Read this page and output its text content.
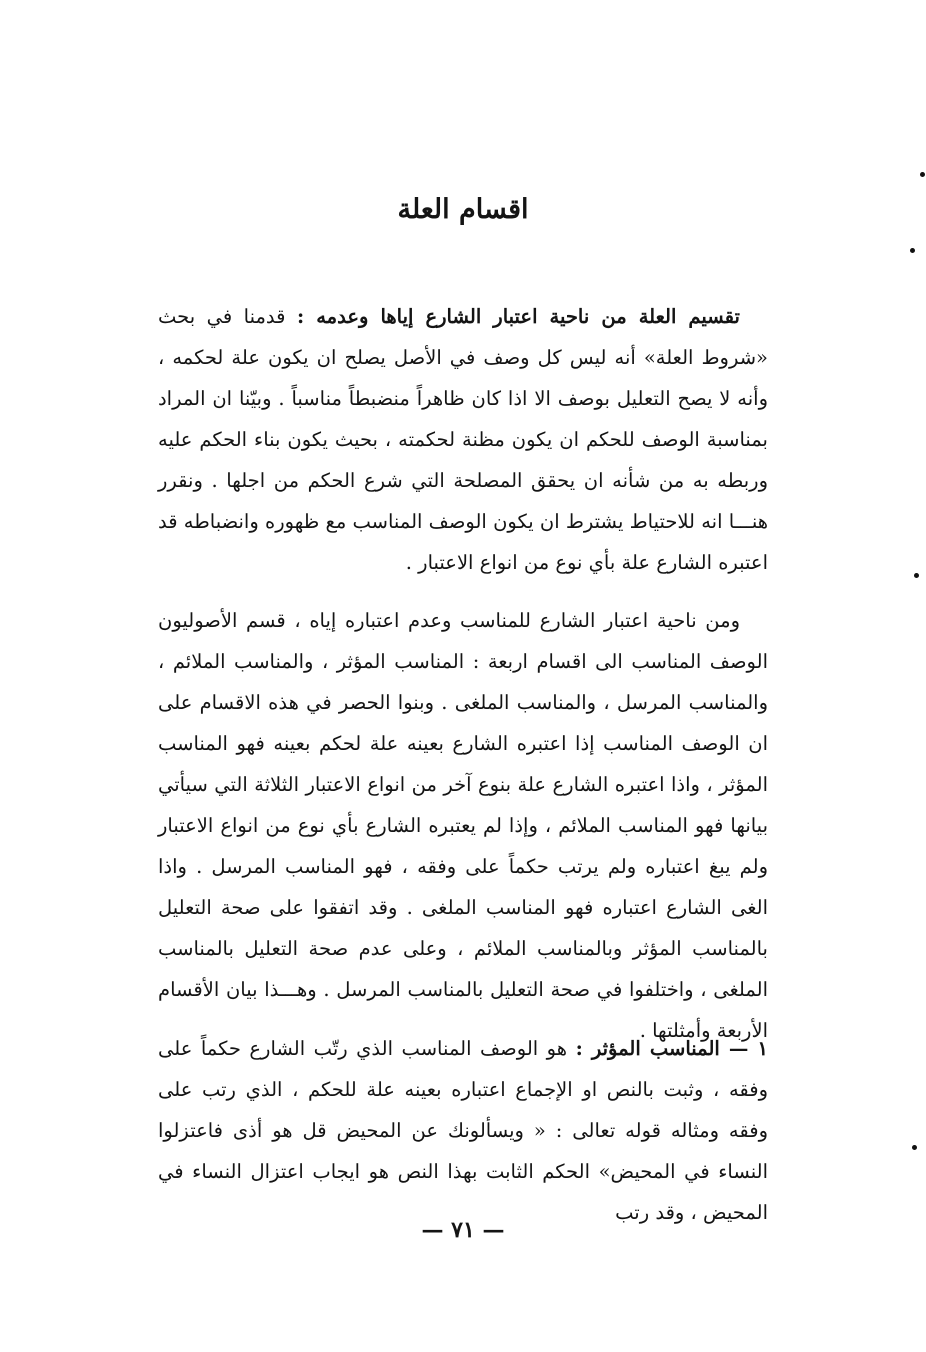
اقسام العلة

تقسيم العلة من ناحية اعتبار الشارع إياها وعدمه : قدمنا في بحث «شروط العلة» أنه ليس كل وصف في الأصل يصلح ان يكون علة لحكمه ، وأنه لا يصح التعليل بوصف الا اذا كان ظاهراً منضبطاً مناسباً . وبيّنا ان المراد بمناسبة الوصف للحكم ان يكون مظنة لحكمته ، بحيث يكون بناء الحكم عليه وربطه به من شأنه ان يحقق المصلحة التي شرع الحكم من اجلها . ونقرر هنـــا انه للاحتياط يشترط ان يكون الوصف المناسب مع ظهوره وانضباطه قد اعتبره الشارع علة بأي نوع من انواع الاعتبار .

ومن ناحية اعتبار الشارع للمناسب وعدم اعتباره إياه ، قسم الأصوليون الوصف المناسب الى اقسام اربعة : المناسب المؤثر ، والمناسب الملائم ، والمناسب المرسل ، والمناسب الملغى . وبنوا الحصر في هذه الاقسام على ان الوصف المناسب إذا اعتبره الشارع بعينه علة لحكم بعينه فهو المناسب المؤثر ، واذا اعتبره الشارع علة بنوع آخر من انواع الاعتبار الثلاثة التي سيأتي بيانها فهو المناسب الملائم ، وإذا لم يعتبره الشارع بأي نوع من انواع الاعتبار ولم يبغ اعتباره ولم يرتب حكماً على وفقه ، فهو المناسب المرسل . واذا الغى الشارع اعتباره فهو المناسب الملغى . وقد اتفقوا على صحة التعليل بالمناسب المؤثر وبالمناسب الملائم ، وعلى عدم صحة التعليل بالمناسب الملغى ، واختلفوا في صحة التعليل بالمناسب المرسل . وهـــذا بيان الأقسام الأربعة وأمثلتها .

١ — المناسب المؤثر : هو الوصف المناسب الذي رتّب الشارع حكماً على وفقه ، وثبت بالنص او الإجماع اعتباره بعينه علة للحكم ، الذي رتب على وفقه ومثاله قوله تعالى : « ويسألونك عن المحيض قل هو أذى فاعتزلوا النساء في المحيض» الحكم الثابت بهذا النص هو ايجاب اعتزال النساء في المحيض ، وقد رتب

— ٧١ —
